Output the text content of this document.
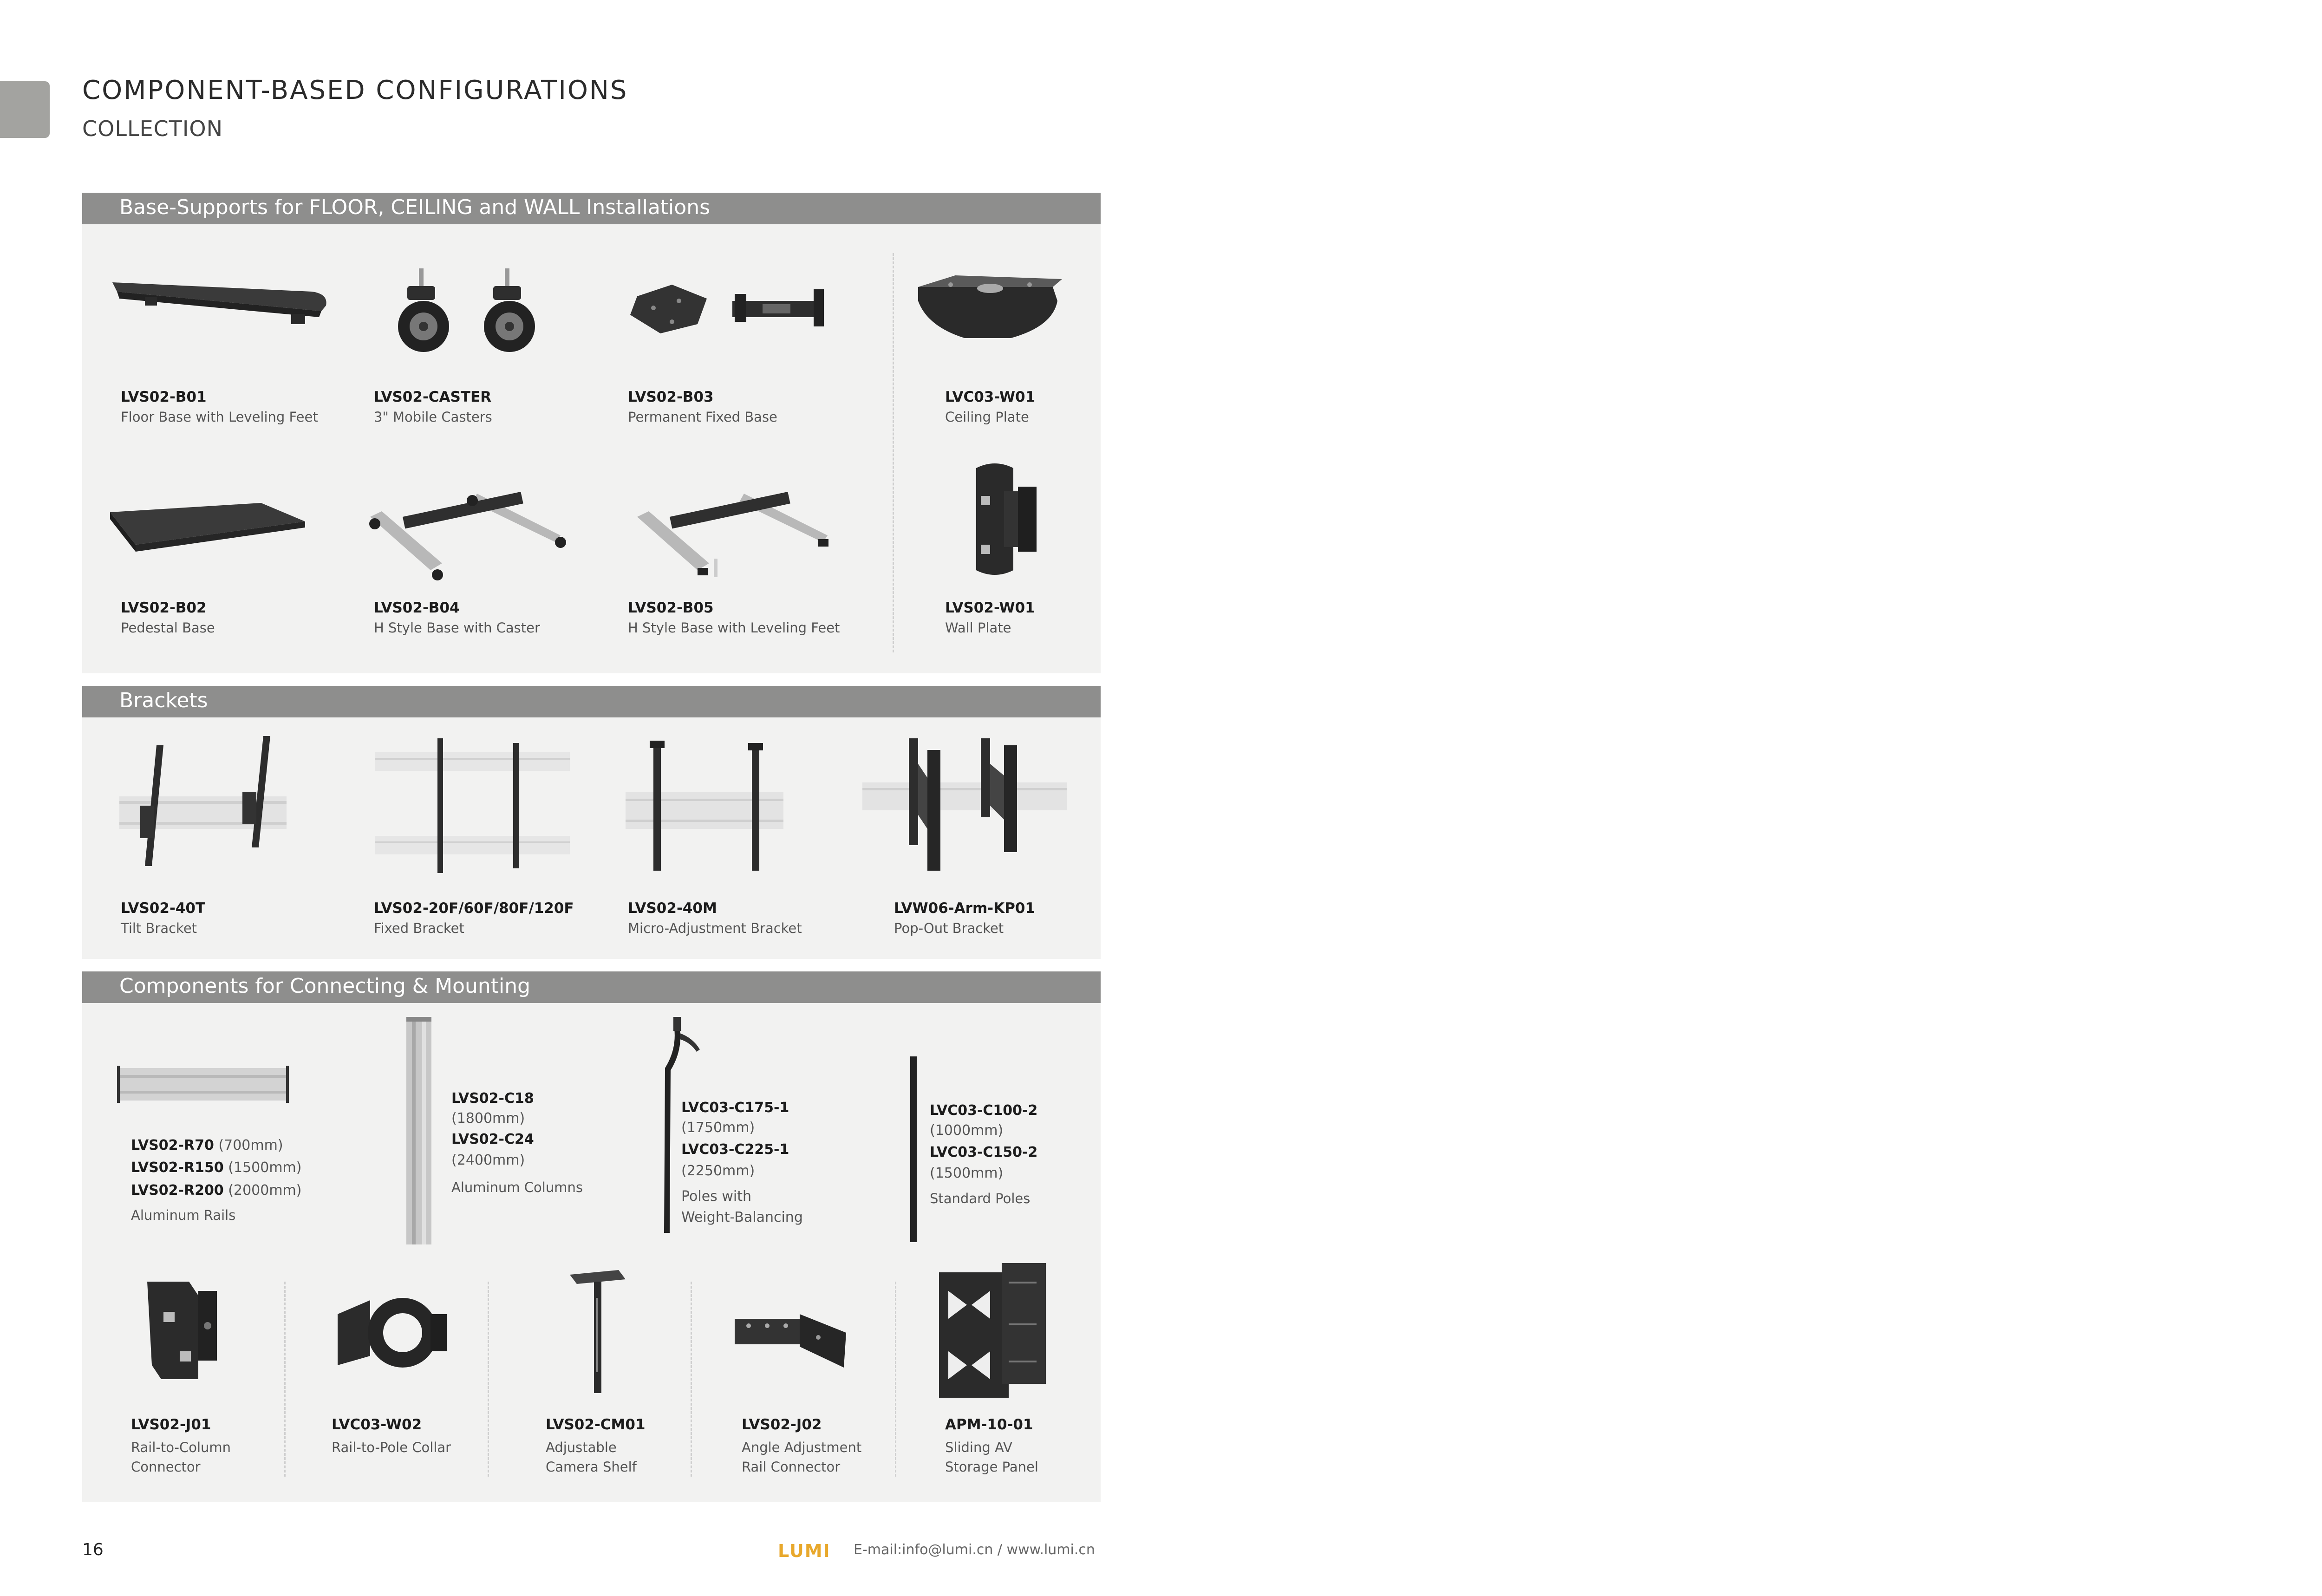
COMPONENT-BASED CONFIGURATIONS
COLLECTION
Base-Supports for FLOOR, CEILING and WALL Installations
LVS02-B01
Floor Base with Leveling Feet
LVS02-CASTER
3" Mobile Casters
LVS02-B03
Permanent Fixed Base
LVC03-W01
Ceiling Plate
LVS02-B02
Pedestal Base
LVS02-B04
H Style Base with Caster
LVS02-B05
H Style Base with Leveling Feet
LVS02-W01
Wall Plate
Brackets
LVS02-40T
Tilt Bracket
LVS02-20F/60F/80F/120F
Fixed Bracket
LVS02-40M
Micro-Adjustment Bracket
LVW06-Arm-KP01
Pop-Out Bracket
Components for Connecting & Mounting
LVS02-R70 (700mm)
LVS02-R150 (1500mm)
LVS02-R200 (2000mm)
Aluminum Rails
LVS02-C18
(1800mm)
LVS02-C24
(2400mm)
Aluminum Columns
LVC03-C175-1
(1750mm)
LVC03-C225-1
(2250mm)
Poles with
Weight-Balancing
LVC03-C100-2
(1000mm)
LVC03-C150-2
(1500mm)
Standard Poles
LVS02-J01
Rail-to-Column
Connector
LVC03-W02
Rail-to-Pole Collar
LVS02-CM01
Adjustable
Camera Shelf
LVS02-J02
Angle Adjustment
Rail Connector
APM-10-01
Sliding AV
Storage Panel
16	LUMI E-mail:info@lumi.cn / www.lumi.cn
